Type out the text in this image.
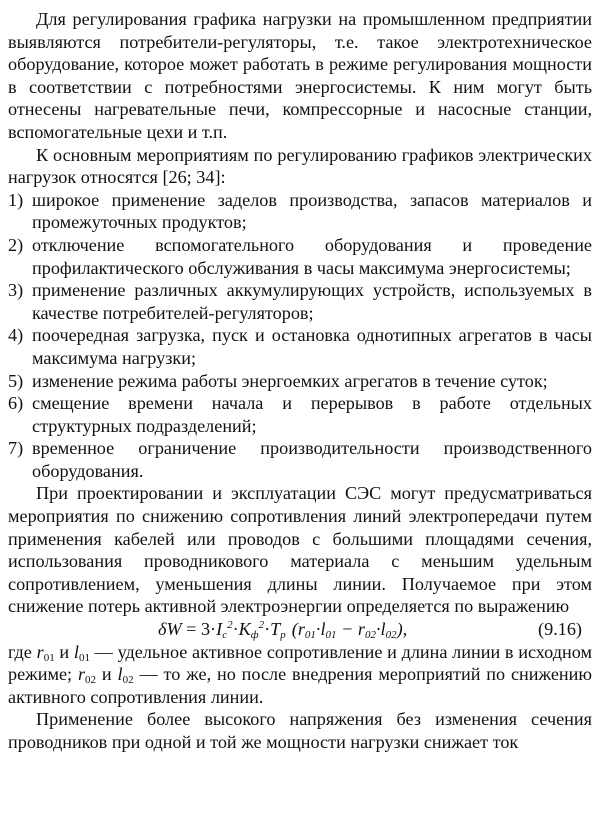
Для регулирования графика нагрузки на промышленном предприятии выявляются потребители-регуляторы, т.е. такое электротехническое оборудование, которое может работать в режиме регулирования мощности в соответствии с потребностями энергосистемы. К ним могут быть отнесены нагревательные печи, компрессорные и насосные станции, вспомогательные цехи и т.п.

К основным мероприятиям по регулированию графиков электрических нагрузок относятся [26; 34]:

1) широкое применение заделов производства, запасов материалов и промежуточных продуктов;
2) отключение вспомогательного оборудования и проведение профилактического обслуживания в часы максимума энергосистемы;
3) применение различных аккумулирующих устройств, используемых в качестве потребителей-регуляторов;
4) поочередная загрузка, пуск и остановка однотипных агрегатов в часы максимума нагрузки;
5) изменение режима работы энергоемких агрегатов в течение суток;
6) смещение времени начала и перерывов в работе отдельных структурных подразделений;
7) временное ограничение производительности производственного оборудования.

При проектировании и эксплуатации СЭС могут предусматриваться мероприятия по снижению сопротивления линий электропередачи путем применения кабелей или проводов с большими площадями сечения, использования проводникового материала с меньшим удельным сопротивлением, уменьшения длины линии. Получаемое при этом снижение потерь активной электроэнергии определяется по выражению

$\delta W = 3\cdot I_c^2\cdot K_ф^2\cdot T_р$ $(r_{01}\cdot l_{01} - r_{02}\cdot l_{02})$,	(9.16)

где $r_{01}$ и $l_{01}$ — удельное активное сопротивление и длина линии в исходном режиме; $r_{02}$ и $l_{02}$ — то же, но после внедрения мероприятий по снижению активного сопротивления линии.

Применение более высокого напряжения без изменения сечения проводников при одной и той же мощности нагрузки снижает ток
